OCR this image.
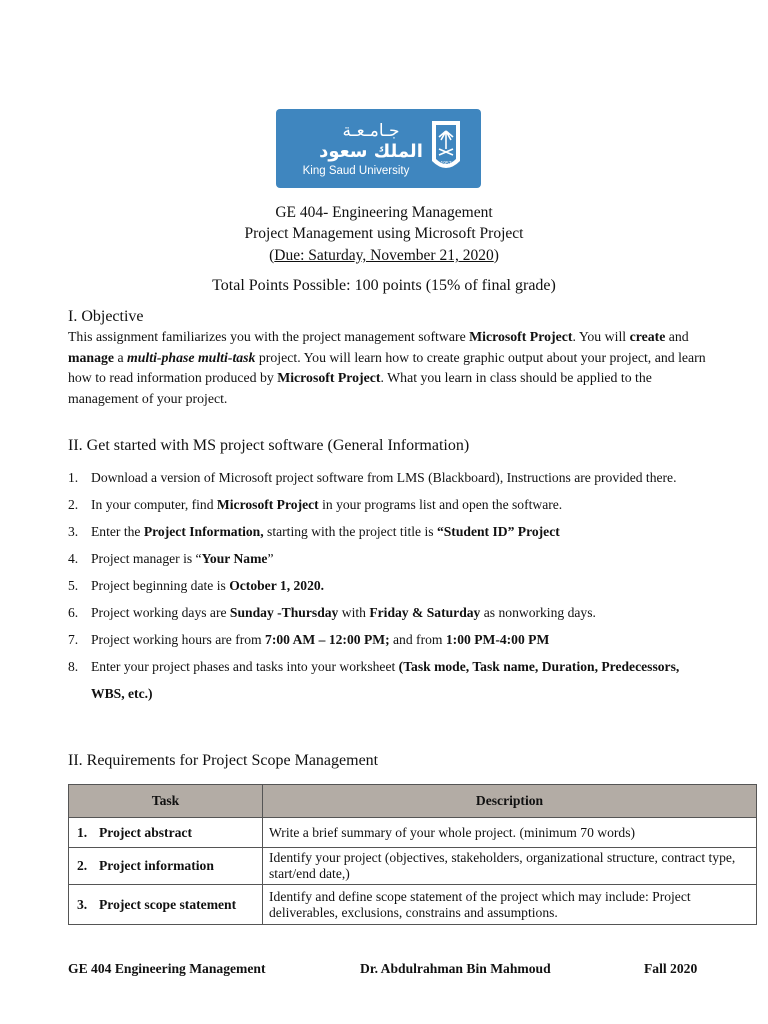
جـامـعـة
الملك سعود
King Saud University
1957
GE 404- Engineering Management
Project Management using Microsoft Project
(Due: Saturday, November 21, 2020)
Total Points Possible: 100 points (15% of final grade)
I. Objective
This assignment familiarizes you with the project management software Microsoft Project. You will create and manage a multi-phase multi-task project. You will learn how to create graphic output about your project, and learn how to read information produced by Microsoft Project. What you learn in class should be applied to the management of your project.
II. Get started with MS project software (General Information)
1. Download a version of Microsoft project software from LMS (Blackboard), Instructions are provided there.
2. In your computer, find Microsoft Project in your programs list and open the software.
3. Enter the Project Information, starting with the project title is “Student ID” Project
4. Project manager is “Your Name”
5. Project beginning date is October 1, 2020.
6. Project working days are Sunday -Thursday with Friday & Saturday as nonworking days.
7. Project working hours are from 7:00 AM – 12:00 PM; and from 1:00 PM-4:00 PM
8. Enter your project phases and tasks into your worksheet (Task mode, Task name, Duration, Predecessors, WBS, etc.)
II. Requirements for Project Scope Management
Task	Description
1. Project abstract	Write a brief summary of your whole project. (minimum 70 words)
2. Project information	Identify your project (objectives, stakeholders, organizational structure, contract type, start/end date,)
3. Project scope statement	Identify and define scope statement of the project which may include: Project deliverables, exclusions, constrains and assumptions.
GE 404 Engineering Management	Dr. Abdulrahman Bin Mahmoud	Fall 2020
